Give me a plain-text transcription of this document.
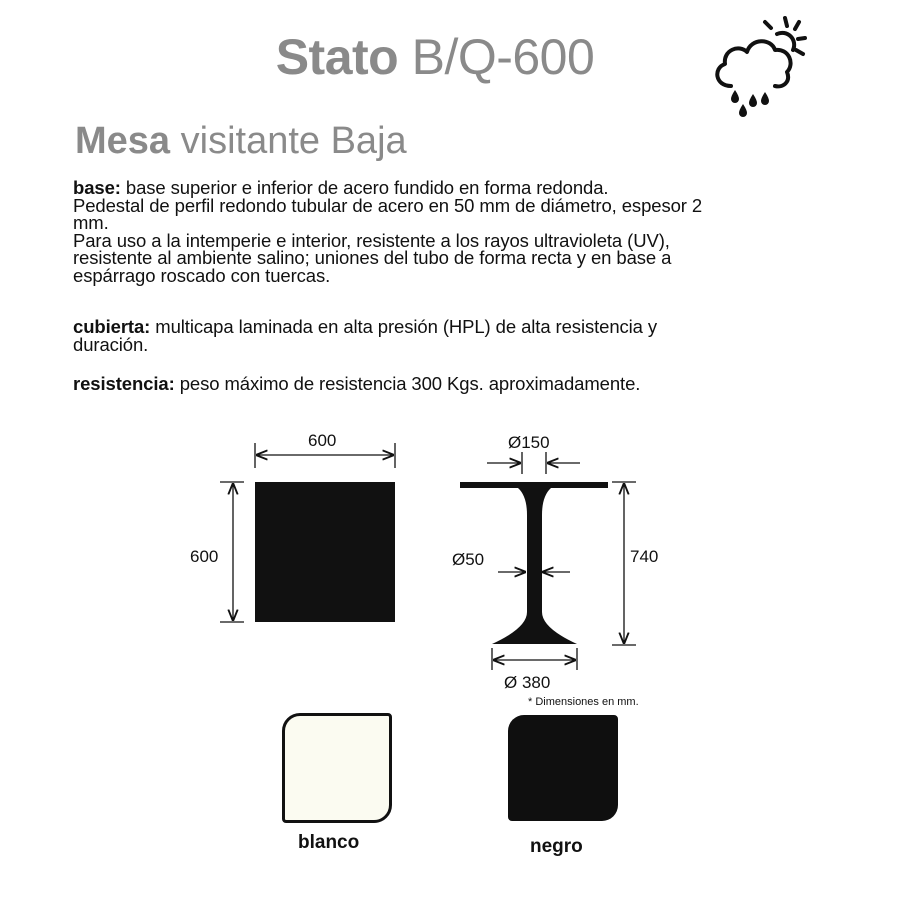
Stato B/Q-600
Mesa visitante Baja
base: base superior e inferior de acero fundido en forma redonda.
Pedestal de perfil redondo tubular de acero en 50 mm de diámetro, espesor 2
mm.
Para uso a la intemperie e interior, resistente a los rayos ultravioleta (UV),
resistente al ambiente salino; uniones del tubo de forma recta y en base a
espárrago roscado con tuercas.
cubierta: multicapa laminada en alta presión (HPL) de alta resistencia y
duración.
resistencia: peso máximo de resistencia 300 Kgs. aproximadamente.
600
600
Ø150
Ø50	740
Ø 380
* Dimensiones en mm.
blanco	negro
